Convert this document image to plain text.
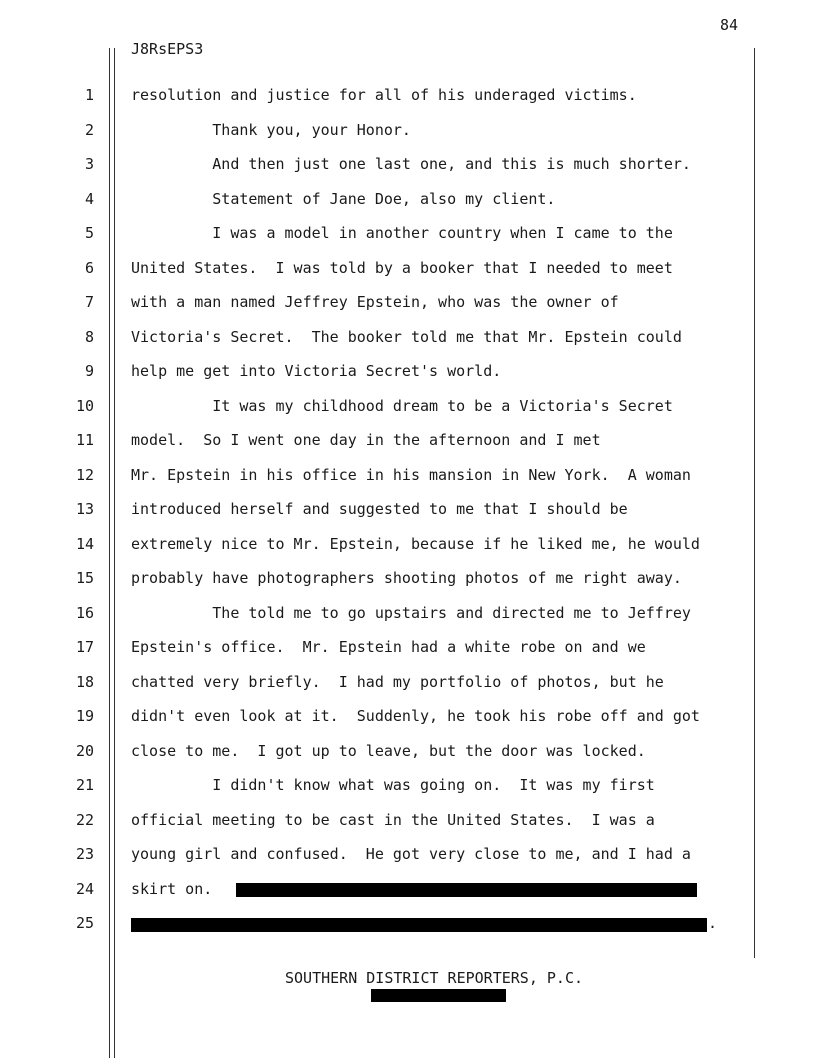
84
J8RsEPS3
1 resolution and justice for all of his underaged victims.
2 Thank you, your Honor.
3 And then just one last one, and this is much shorter.
4 Statement of Jane Doe, also my client.
5 I was a model in another country when I came to the
6 United States.  I was told by a booker that I needed to meet
7 with a man named Jeffrey Epstein, who was the owner of
8 Victoria's Secret.  The booker told me that Mr. Epstein could
9 help me get into Victoria Secret's world.
10 It was my childhood dream to be a Victoria's Secret
11 model.  So I went one day in the afternoon and I met
12 Mr. Epstein in his office in his mansion in New York.  A woman
13 introduced herself and suggested to me that I should be
14 extremely nice to Mr. Epstein, because if he liked me, he would
15 probably have photographers shooting photos of me right away.
16 The told me to go upstairs and directed me to Jeffrey
17 Epstein's office.  Mr. Epstein had a white robe on and we
18 chatted very briefly.  I had my portfolio of photos, but he
19 didn't even look at it.  Suddenly, he took his robe off and got
20 close to me.  I got up to leave, but the door was locked.
21 I didn't know what was going on.  It was my first
22 official meeting to be cast in the United States.  I was a
23 young girl and confused.  He got very close to me, and I had a
24 skirt on.
25	.
SOUTHERN DISTRICT REPORTERS, P.C.
